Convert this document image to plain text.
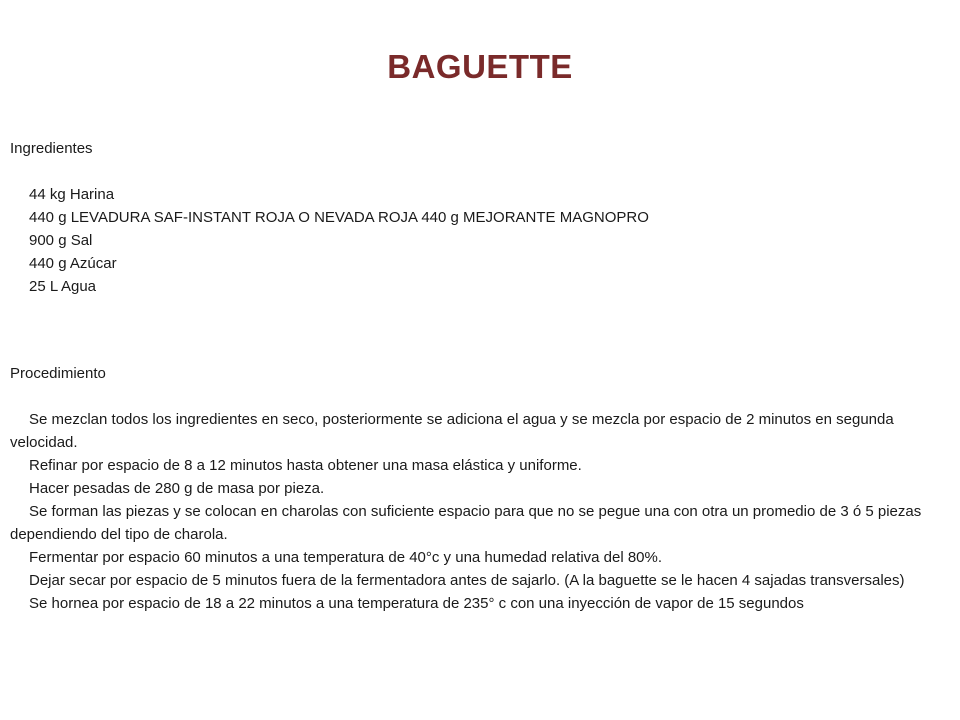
BAGUETTE
Ingredientes
44 kg Harina
440 g LEVADURA SAF-INSTANT ROJA O NEVADA ROJA 440 g MEJORANTE MAGNOPRO
900 g Sal
440 g Azúcar
25 L Agua
Procedimiento

Se mezclan todos los ingredientes en seco, posteriormente se adiciona el agua y se mezcla por espacio de 2 minutos en segunda velocidad.

Refinar por espacio de 8 a 12 minutos hasta obtener una masa elástica y uniforme.

Hacer pesadas de 280 g de masa por pieza.

Se forman las piezas y se colocan en charolas con suficiente espacio para que no se pegue una con otra un promedio de 3 ó 5 piezas dependiendo del tipo de charola.

Fermentar por espacio 60 minutos a una temperatura de 40°c y una humedad relativa del 80%.

Dejar secar por espacio de 5 minutos fuera de la fermentadora antes de sajarlo. (A la baguette se le hacen 4 sajadas transversales)

Se hornea por espacio de 18 a 22 minutos a una temperatura de 235° c con una inyección de vapor de 15 segundos
